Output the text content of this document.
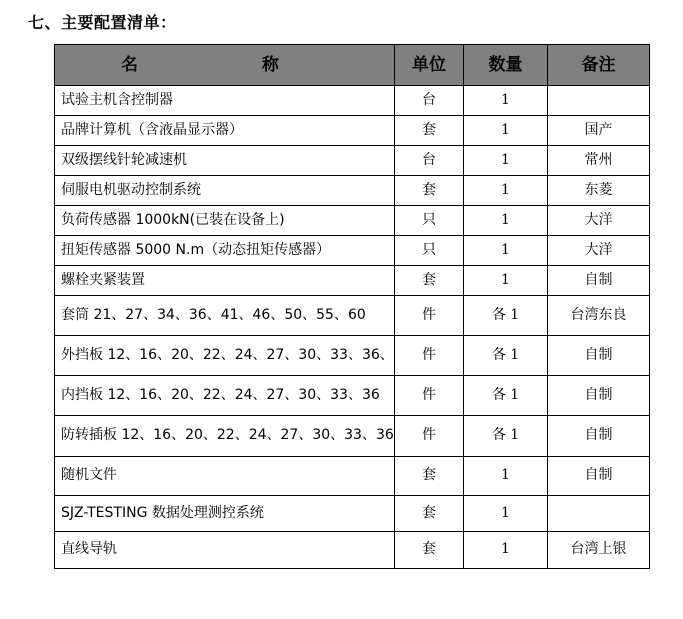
七、主要配置清单：
名 称	单位	数量	备注
试验主机含控制器	台	1	
品牌计算机（含液晶显示器）	套	1	国产
双级摆线针轮减速机	台	1	常州
伺服电机驱动控制系统	套	1	东菱
负荷传感器 1000kN(已装在设备上)	只	1	大洋
扭矩传感器 5000 N.m（动态扭矩传感器）	只	1	大洋
螺栓夹紧装置	套	1	自制
套筒 21、27、34、36、41、46、50、55、60	件	各 1	台湾东良
外挡板 12、16、20、22、24、27、30、33、36、	件	各 1	自制
内挡板 12、16、20、22、24、27、30、33、36	件	各 1	自制
防转插板 12、16、20、22、24、27、30、33、36	件	各 1	自制
随机文件	套	1	自制
SJZ-TESTING 数据处理测控系统	套	1	
直线导轨	套	1	台湾上银
